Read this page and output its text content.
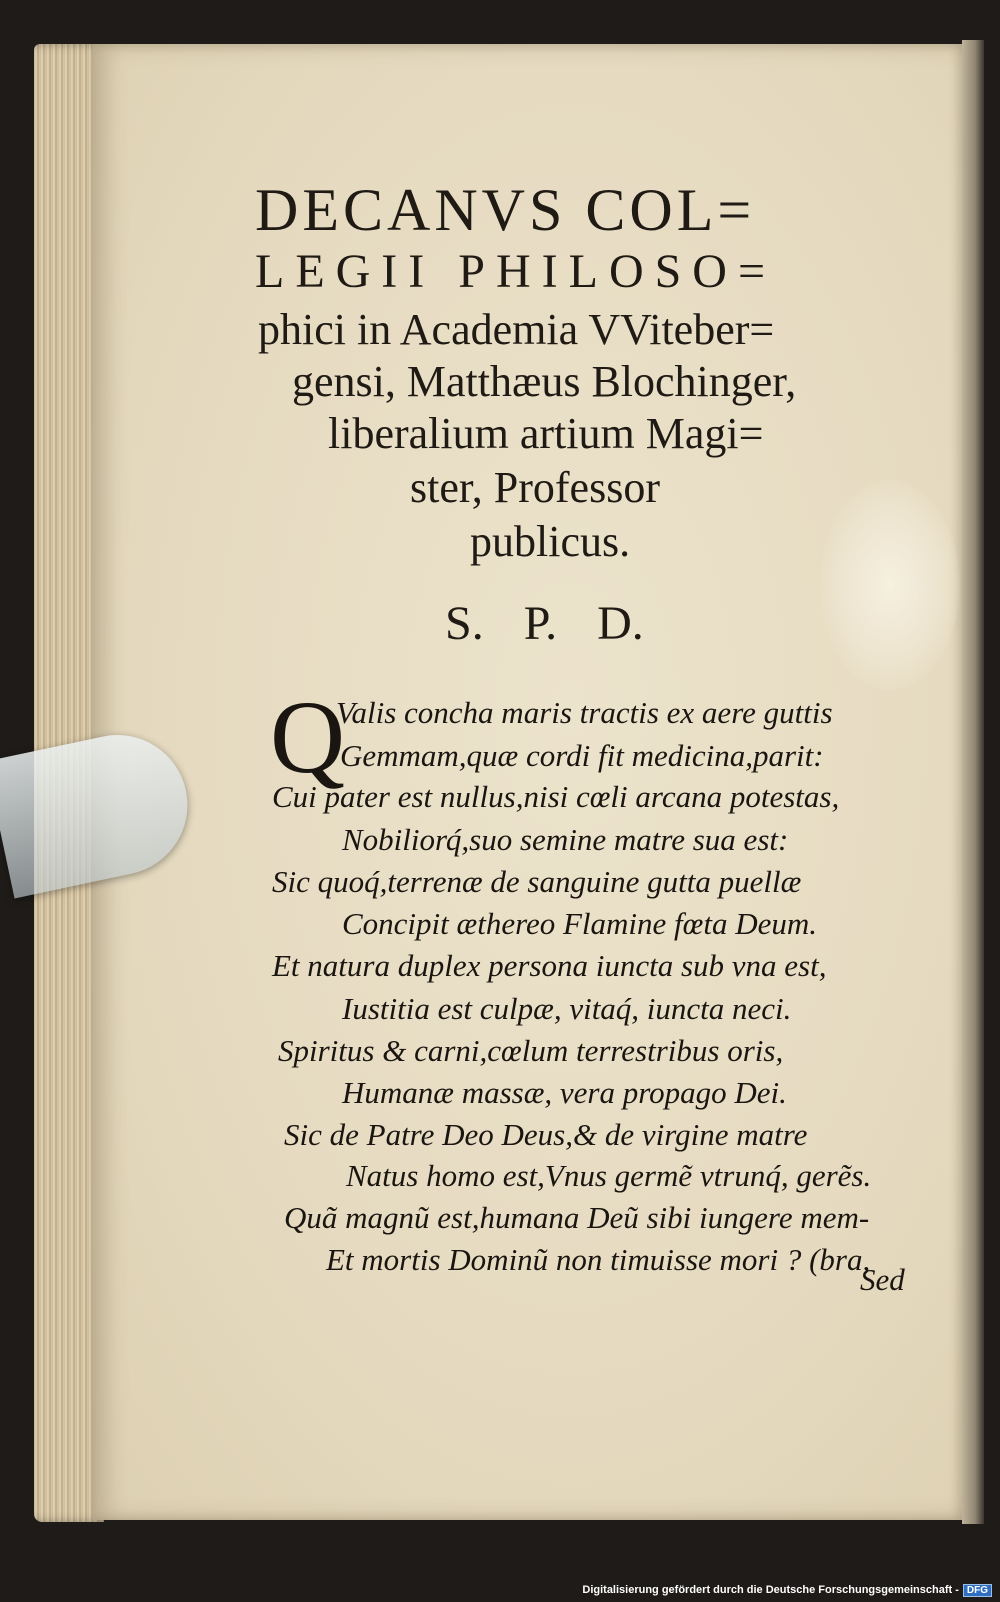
DECANVS COL=

LEGII PHILOSO=

phici in Academia VViteber=

gensi, Matthæus Blochinger,

liberalium artium Magi=

ster, Professor

publicus.

S. P. D.
Q
Valis concha maris tractis ex aere guttis
Gemmam,quæ cordi fit medicina,parit:
Cui pater est nullus,nisi cœli arcana potestas,
Nobiliorq́,suo semine matre sua est:
Sic quoq́,terrenæ de sanguine gutta puellæ
Concipit æthereo Flamine fœta Deum.
Et natura duplex persona iuncta sub vna est,
Iustitia est culpæ, vitaq́, iuncta neci.
Spiritus & carni,cœlum terrestribus oris,
Humanæ massæ, vera propago Dei.
Sic de Patre Deo Deus,& de virgine matre
Natus homo est,Vnus germẽ vtrunq́, gerẽs.
Quã magnũ est,humana Deũ sibi iungere mem-
Et mortis Dominũ non timuisse mori ? (bra,
Sed
Digitalisierung gefördert durch die Deutsche Forschungsgemeinschaft - DFG
